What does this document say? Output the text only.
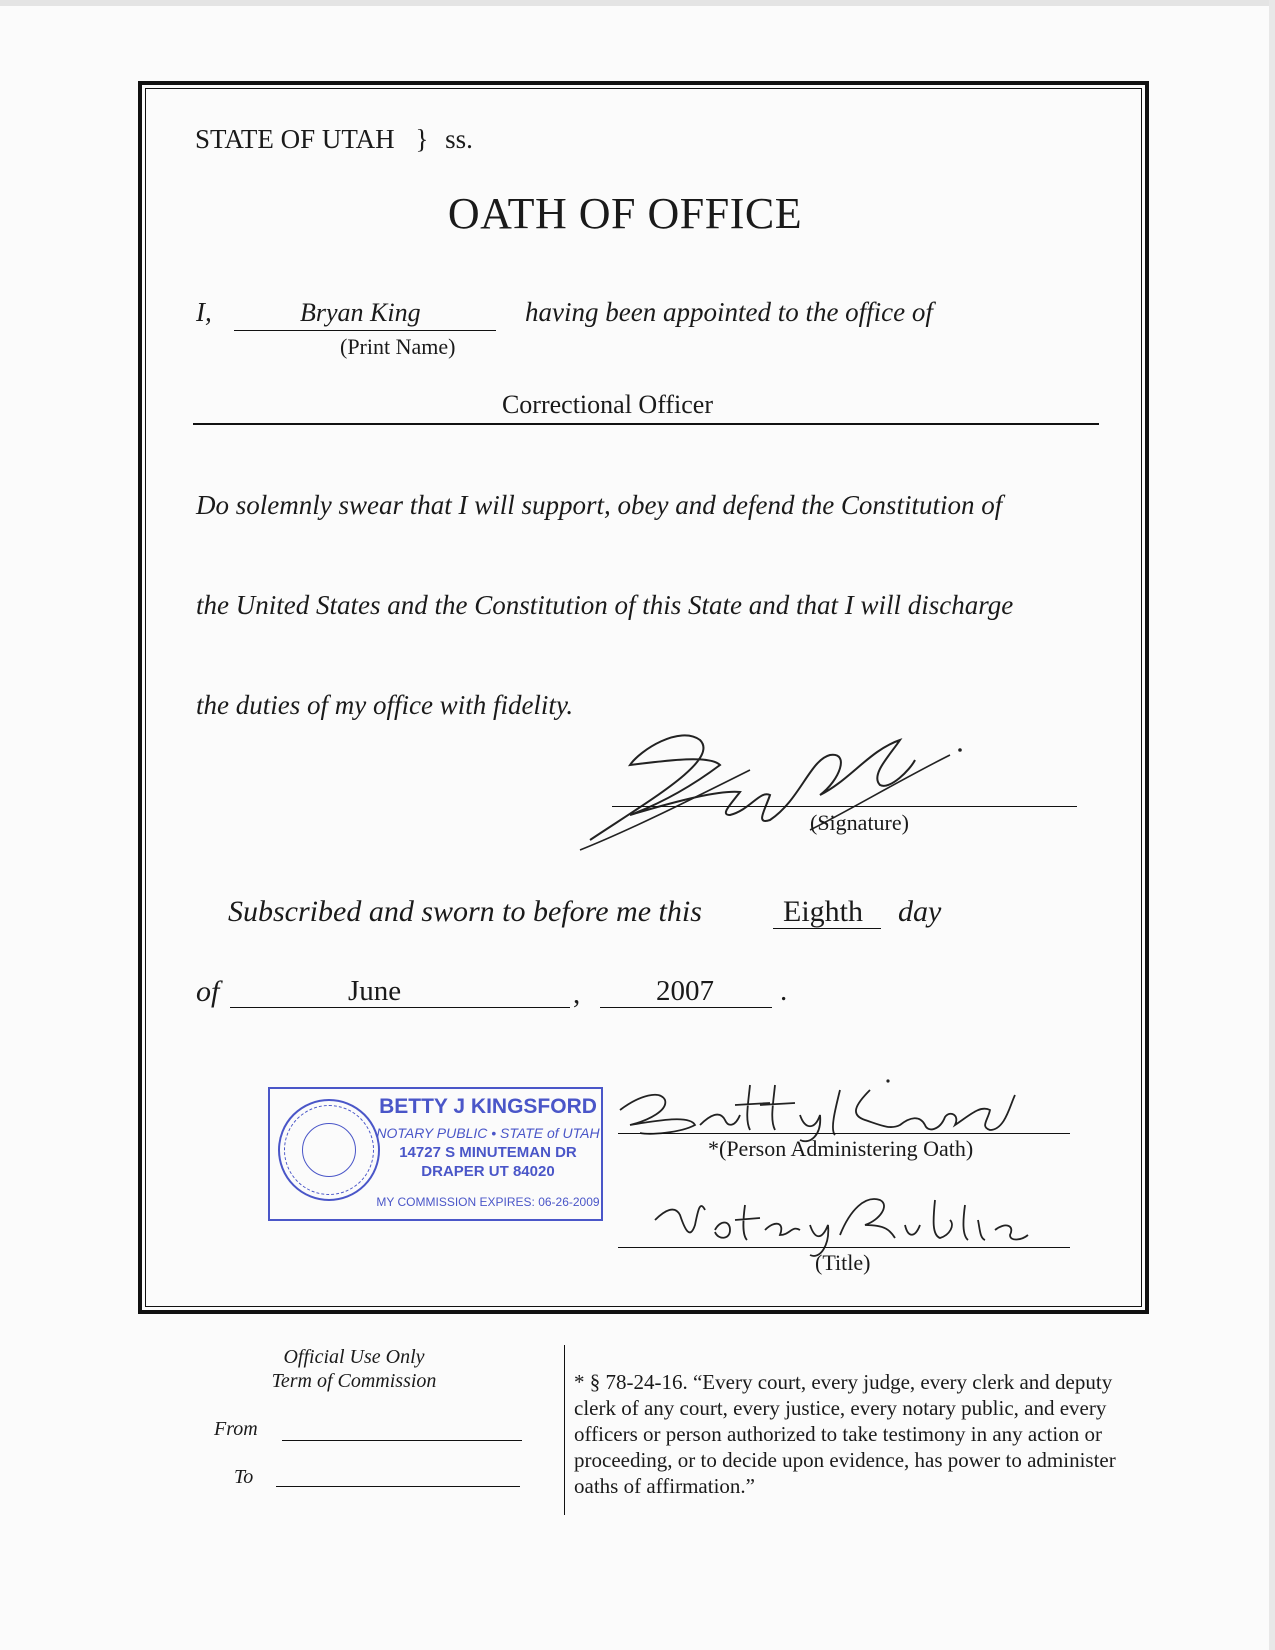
STATE OF UTAH } ss.
OATH OF OFFICE
I,	Bryan King
(Print Name)
having been appointed to the office of
Correctional Officer
Do solemnly swear that I will support, obey and defend the Constitution of
the United States and the Constitution of this State and that I will discharge
the duties of my office with fidelity.
(Signature)
Subscribed and sworn to before me this	Eighth day
of	June	,	2007 .
BETTY J KINGSFORD
NOTARY PUBLIC • STATE of UTAH
14727 S MINUTEMAN DR
DRAPER UT 84020
MY COMMISSION EXPIRES: 06-26-2009
*(Person Administering Oath)
(Title)
Official Use Only
Term of Commission
From
To
* § 78-24-16. “Every court, every judge, every clerk and deputy clerk of any court, every justice, every notary public, and every officers or person authorized to take testimony in any action or proceeding, or to decide upon evidence, has power to administer oaths of affirmation.”
